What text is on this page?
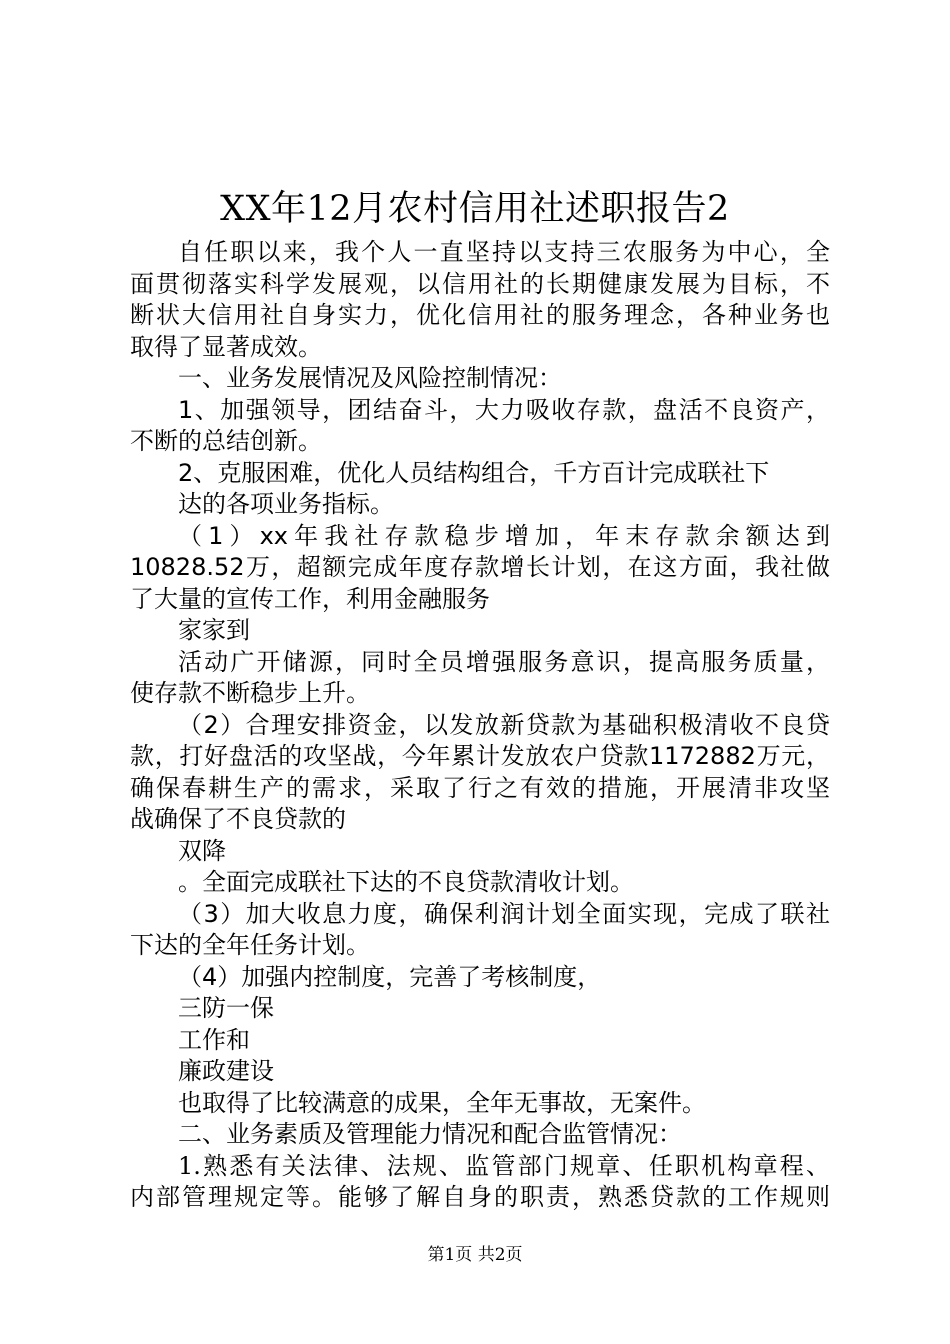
XX年12月农村信用社述职报告2
自任职以来，我个人一直坚持以支持三农服务为中心，全
面贯彻落实科学发展观，以信用社的长期健康发展为目标，不
断状大信用社自身实力，优化信用社的服务理念，各种业务也
取得了显著成效。
一、业务发展情况及风险控制情况：
1、加强领导，团结奋斗，大力吸收存款，盘活不良资产，
不断的总结创新。
2、克服困难，优化人员结构组合，千方百计完成联社下
达的各项业务指标。
（1）xx年我社存款稳步增加，年末存款余额达到
10828.52万，超额完成年度存款增长计划，在这方面，我社做
了大量的宣传工作，利用金融服务
家家到
活动广开储源，同时全员增强服务意识，提高服务质量，
使存款不断稳步上升。
（2）合理安排资金，以发放新贷款为基础积极清收不良贷
款，打好盘活的攻坚战，今年累计发放农户贷款1172882万元，
确保春耕生产的需求，采取了行之有效的措施，开展清非攻坚
战确保了不良贷款的
双降
。全面完成联社下达的不良贷款清收计划。
（3）加大收息力度，确保利润计划全面实现，完成了联社
下达的全年任务计划。
（4）加强内控制度，完善了考核制度，
三防一保
工作和
廉政建设
也取得了比较满意的成果，全年无事故，无案件。
二、业务素质及管理能力情况和配合监管情况：
1.熟悉有关法律、法规、监管部门规章、任职机构章程、
内部管理规定等。能够了解自身的职责，熟悉贷款的工作规则
第1页 共2页
